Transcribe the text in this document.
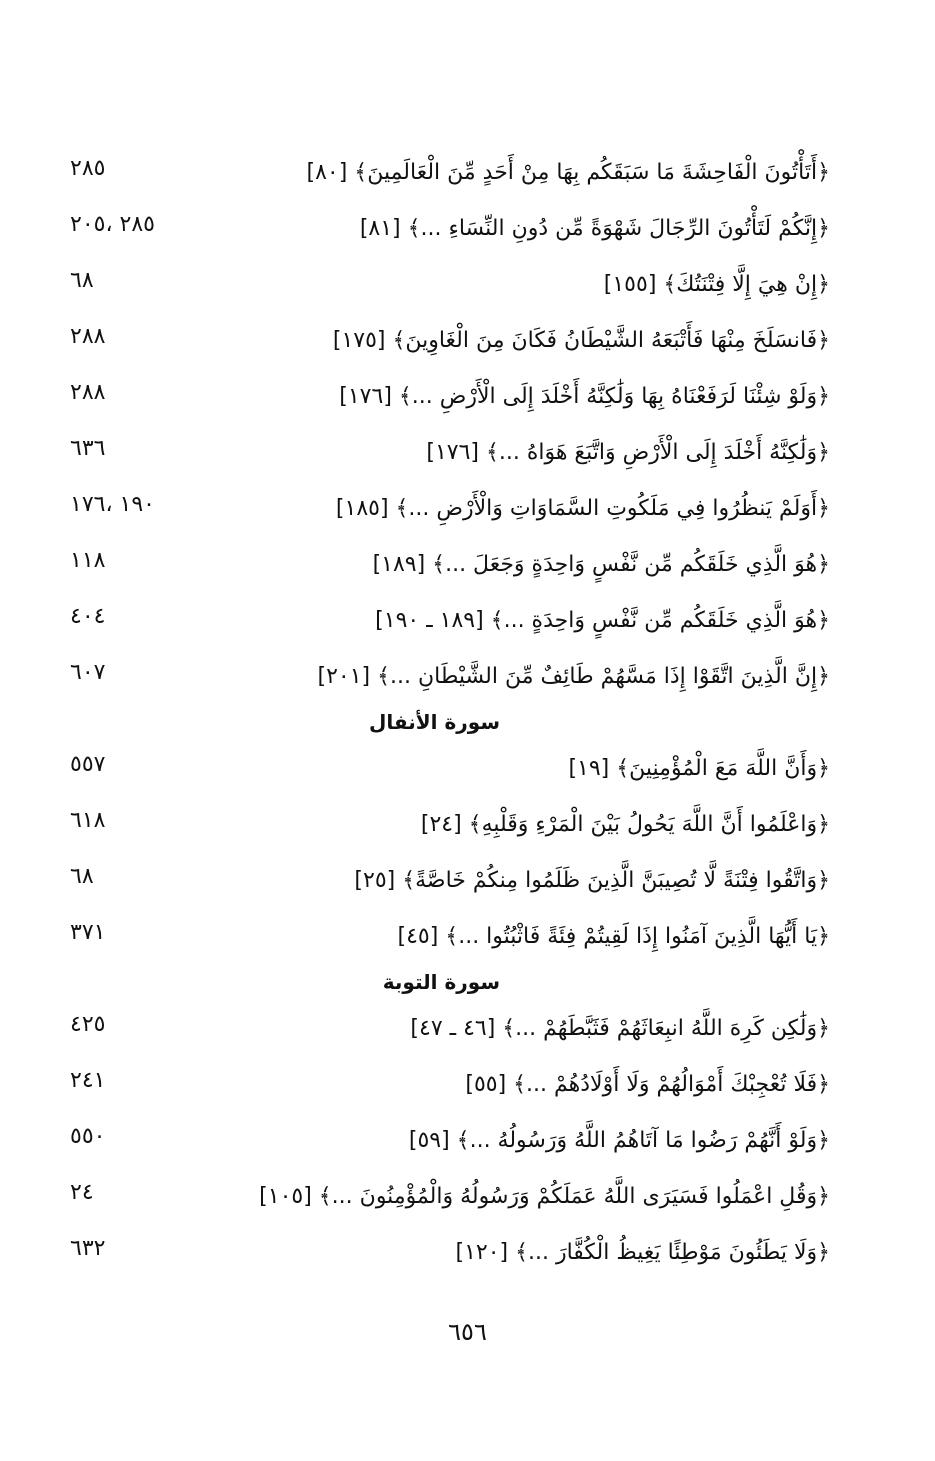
﴿أَتَأْتُونَ الْفَاحِشَةَ مَا سَبَقَكُم بِهَا مِنْ أَحَدٍ مِّنَ الْعَالَمِينَ﴾ [٨٠]
٢٨٥
﴿إِنَّكُمْ لَتَأْتُونَ الرِّجَالَ شَهْوَةً مِّن دُونِ النِّسَاءِ ...﴾ [٨١]
٢٨٥ ،٢٠٥
﴿إِنْ هِيَ إِلَّا فِتْنَتُكَ﴾ [١٥٥]
٦٨
﴿فَانسَلَخَ مِنْهَا فَأَتْبَعَهُ الشَّيْطَانُ فَكَانَ مِنَ الْغَاوِينَ﴾ [١٧٥]
٢٨٨
﴿وَلَوْ شِئْنَا لَرَفَعْنَاهُ بِهَا وَلَٰكِنَّهُ أَخْلَدَ إِلَى الْأَرْضِ ...﴾ [١٧٦]
٢٨٨
﴿وَلَٰكِنَّهُ أَخْلَدَ إِلَى الْأَرْضِ وَاتَّبَعَ هَوَاهُ ...﴾ [١٧٦]
٦٣٦
﴿أَوَلَمْ يَنظُرُوا فِي مَلَكُوتِ السَّمَاوَاتِ وَالْأَرْضِ ...﴾ [١٨٥]
١٩٠ ،١٧٦
﴿هُوَ الَّذِي خَلَقَكُم مِّن نَّفْسٍ وَاحِدَةٍ وَجَعَلَ ...﴾ [١٨٩]
١١٨
﴿هُوَ الَّذِي خَلَقَكُم مِّن نَّفْسٍ وَاحِدَةٍ ...﴾ [١٨٩ ـ ١٩٠]
٤٠٤
﴿إِنَّ الَّذِينَ اتَّقَوْا إِذَا مَسَّهُمْ طَائِفٌ مِّنَ الشَّيْطَانِ ...﴾ [٢٠١]
٦٠٧
سورة الأنفال
﴿وَأَنَّ اللَّهَ مَعَ الْمُؤْمِنِينَ﴾ [١٩]
٥٥٧
﴿وَاعْلَمُوا أَنَّ اللَّهَ يَحُولُ بَيْنَ الْمَرْءِ وَقَلْبِهِ﴾ [٢٤]
٦١٨
﴿وَاتَّقُوا فِتْنَةً لَّا تُصِيبَنَّ الَّذِينَ ظَلَمُوا مِنكُمْ خَاصَّةً﴾ [٢٥]
٦٨
﴿يَا أَيُّهَا الَّذِينَ آمَنُوا إِذَا لَقِيتُمْ فِئَةً فَاثْبُتُوا ...﴾ [٤٥]
٣٧١
سورة التوبة
﴿وَلَٰكِن كَرِهَ اللَّهُ انبِعَاثَهُمْ فَثَبَّطَهُمْ ...﴾ [٤٦ ـ ٤٧]
٤٢٥
﴿فَلَا تُعْجِبْكَ أَمْوَالُهُمْ وَلَا أَوْلَادُهُمْ ...﴾ [٥٥]
٢٤١
﴿وَلَوْ أَنَّهُمْ رَضُوا مَا آتَاهُمُ اللَّهُ وَرَسُولُهُ ...﴾ [٥٩]
٥٥٠
﴿وَقُلِ اعْمَلُوا فَسَيَرَى اللَّهُ عَمَلَكُمْ وَرَسُولُهُ وَالْمُؤْمِنُونَ ...﴾ [١٠٥]
٢٤
﴿وَلَا يَطَئُونَ مَوْطِئًا يَغِيظُ الْكُفَّارَ ...﴾ [١٢٠]
٦٣٢
٦٥٦
